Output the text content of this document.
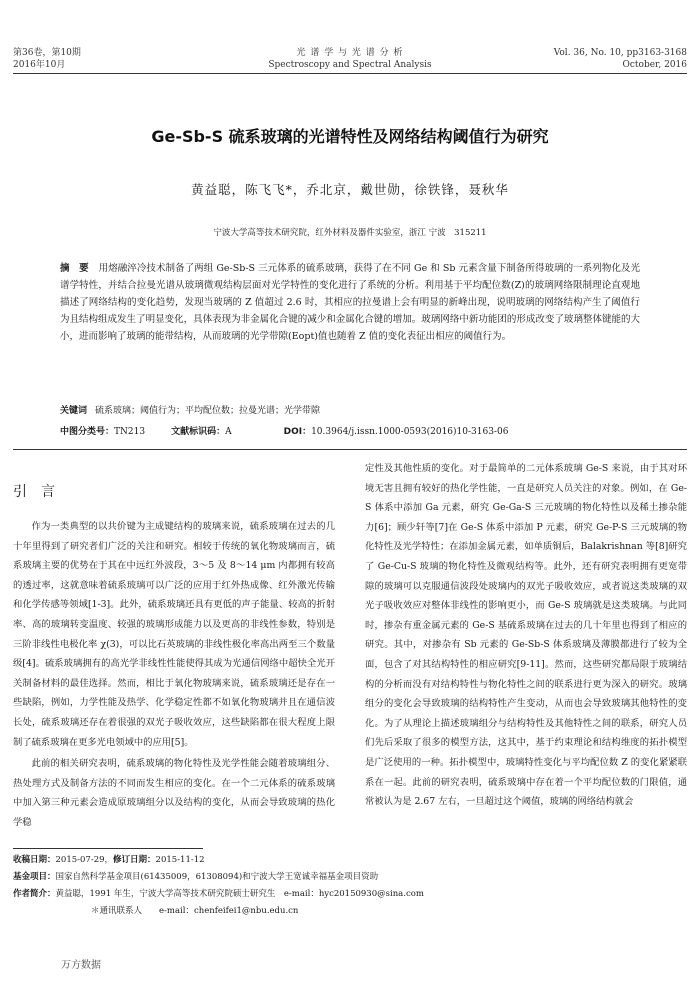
第36卷，第10期
2016年10月
光 谱 学 与 光 谱 分 析
Spectroscopy and Spectral Analysis
Vol. 36, No. 10, pp3163-3168
October, 2016
Ge-Sb-S 硫系玻璃的光谱特性及网络结构阈值行为研究
黄益聪，陈飞飞*，乔北京，戴世勋，徐铁锋，聂秋华
宁波大学高等技术研究院，红外材料及器件实验室，浙江 宁波　315211
摘　要 用熔融淬冷技术制备了两组 Ge-Sb-S 三元体系的硫系玻璃，获得了在不同 Ge 和 Sb 元素含量下制备所得玻璃的一系列物化及光谱学特性，并结合拉曼光谱从玻璃微观结构层面对光学特性的变化进行了系统的分析。利用基于平均配位数(Z)的玻璃网络限制理论直观地描述了网络结构的变化趋势，发现当玻璃的 Z 值超过 2.6 时，其相应的拉曼谱上会有明显的新峰出现，说明玻璃的网络结构产生了阈值行为且结构组成发生了明显变化，具体表现为非金属化合键的减少和金属化合键的增加。玻璃网络中新功能团的形成改变了玻璃整体键能的大小，进而影响了玻璃的能带结构，从而玻璃的光学带隙(Eopt)值也随着 Z 值的变化表征出相应的阈值行为。
关键词 硫系玻璃；阈值行为；平均配位数；拉曼光谱；光学带隙
中图分类号：TN213	文献标识码：A	DOI：10.3964/j.issn.1000-0593(2016)10-3163-06
引　言

作为一类典型的以共价键为主成键结构的玻璃来说，硫系玻璃在过去的几十年里得到了研究者们广泛的关注和研究。相较于传统的氧化物玻璃而言，硫系玻璃主要的优势在于其在中远红外波段，3～5 及 8～14 μm 内都拥有较高的透过率，这就意味着硫系玻璃可以广泛的应用于红外热成像、红外激光传输和化学传感等领域[1-3]。此外，硫系玻璃还具有更低的声子能量、较高的折射率、高的玻璃转变温度、较强的玻璃形成能力以及更高的非线性参数，特别是三阶非线性电极化率 χ(3)，可以比石英玻璃的非线性极化率高出两至三个数量级[4]。硫系玻璃拥有的高光学非线性性能使得其成为光通信网络中超快全光开关制备材料的最佳选择。然而，相比于氧化物玻璃来说，硫系玻璃还是存在一些缺陷，例如，力学性能及热学、化学稳定性都不如氧化物玻璃并且在通信波长处，硫系玻璃还存在着很强的双光子吸收效应，这些缺陷都在很大程度上限制了硫系玻璃在更多光电领域中的应用[5]。

此前的相关研究表明，硫系玻璃的物化特性及光学性能会随着玻璃组分、热处理方式及制备方法的不同而发生相应的变化。在一个二元体系的硫系玻璃中加入第三种元素会造成原玻璃组分以及结构的变化，从而会导致玻璃的热化学稳

定性及其他性质的变化。对于最简单的二元体系玻璃 Ge-S 来说，由于其对环境无害且拥有较好的热化学性能，一直是研究人员关注的对象。例如，在 Ge-S 体系中添加 Ga 元素，研究 Ge-Ga-S 三元玻璃的物化特性以及稀土掺杂能力[6]；顾少轩等[7]在 Ge-S 体系中添加 P 元素，研究 Ge-P-S 三元玻璃的物化特性及光学特性；在添加金属元素，如单质铜后，Balakrishnan 等[8]研究了 Ge-Cu-S 玻璃的物化特性及微观结构等。此外，还有研究表明拥有更宽带隙的玻璃可以克服通信波段处玻璃内的双光子吸收效应，或者说这类玻璃的双光子吸收效应对整体非线性的影响更小，而 Ge-S 玻璃就是这类玻璃。与此同时，掺杂有重金属元素的 Ge-S 基硫系玻璃在过去的几十年里也得到了相应的研究。其中，对掺杂有 Sb 元素的 Ge-Sb-S 体系玻璃及薄膜都进行了较为全面，包含了对其结构特性的相应研究[9-11]。然而，这些研究都局限于玻璃结构的分析而没有对结构特性与物化特性之间的联系进行更为深入的研究。玻璃组分的变化会导致玻璃的结构特性产生变动，从而也会导致玻璃其他特性的变化。为了从理论上描述玻璃组分与结构特性及其他特性之间的联系，研究人员们先后采取了很多的模型方法，这其中，基于约束理论和结构维度的拓扑模型是广泛使用的一种。拓扑模型中，玻璃特性变化与平均配位数 Z 的变化紧紧联系在一起。此前的研究表明，硫系玻璃中存在着一个平均配位数的门限值，通常被认为是 2.67 左右，一旦超过这个阈值，玻璃的网络结构就会

收稿日期：2015-07-29，修订日期：2015-11-12
基金项目：国家自然科学基金项目(61435009，61308094)和宁波大学王宽诚幸福基金项目资助
作者简介：黄益聪，1991 年生，宁波大学高等技术研究院硕士研究生　e-mail：hyc20150930@sina.com
＊通讯联系人　　 e-mail：chenfeifei1@nbu.edu.cn
万方数据
